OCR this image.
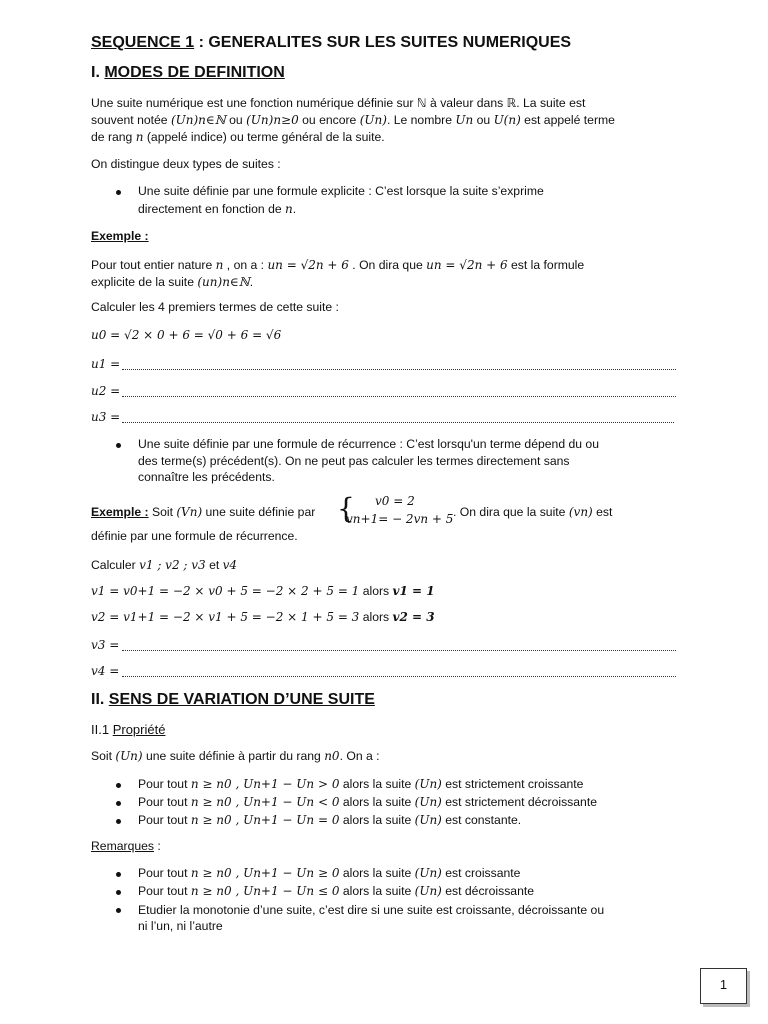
SEQUENCE 1 : GENERALITES SUR LES SUITES NUMERIQUES
I. MODES DE DEFINITION
Une suite numérique est une fonction numérique définie sur ℕ à valeur dans ℝ. La suite est
souvent notée (Un)n∈ℕ ou (Un)n≥0 ou encore (Un). Le nombre Un ou U(n) est appelé terme
de rang n (appelé indice) ou terme général de la suite.
On distingue deux types de suites :
Une suite définie par une formule explicite : C’est lorsque la suite s’exprime
directement en fonction de n.
Exemple :
Pour tout entier nature n , on a : un = √2n + 6 . On dira que un = √2n + 6 est la formule
explicite de la suite (un)n∈ℕ.
Calculer les 4 premiers termes de cette suite :
u0 = √2 × 0 + 6 = √0 + 6 = √6
u1 =
u2 =
u3 =
Une suite définie par une formule de récurrence : C’est lorsqu'un terme dépend du ou
des terme(s) précédent(s). On ne peut pas calculer les termes directement sans
connaître les précédents.
Exemple : Soit (Vn) une suite définie par { v0 = 2
vn+1= − 2vn + 5 . On dira que la suite (vn) est
définie par une formule de récurrence.
Calculer v1 ; v2 ; v3 et v4
v1 = v0+1 = −2 × v0 + 5 = −2 × 2 + 5 = 1 alors v1 = 1
v2 = v1+1 = −2 × v1 + 5 = −2 × 1 + 5 = 3 alors v2 = 3
v3 =
v4 =
II. SENS DE VARIATION D’UNE SUITE
II.1 Propriété
Soit (Un) une suite définie à partir du rang n0. On a :
Pour tout n ≥ n0 , Un+1 − Un > 0 alors la suite (Un) est strictement croissante
Pour tout n ≥ n0 , Un+1 − Un < 0 alors la suite (Un) est strictement décroissante
Pour tout n ≥ n0 , Un+1 − Un = 0 alors la suite (Un) est constante.
Remarques :
Pour tout n ≥ n0 , Un+1 − Un ≥ 0 alors la suite (Un) est croissante
Pour tout n ≥ n0 , Un+1 − Un ≤ 0 alors la suite (Un) est décroissante
Etudier la monotonie d’une suite, c’est dire si une suite est croissante, décroissante ou
ni l’un, ni l’autre
1
